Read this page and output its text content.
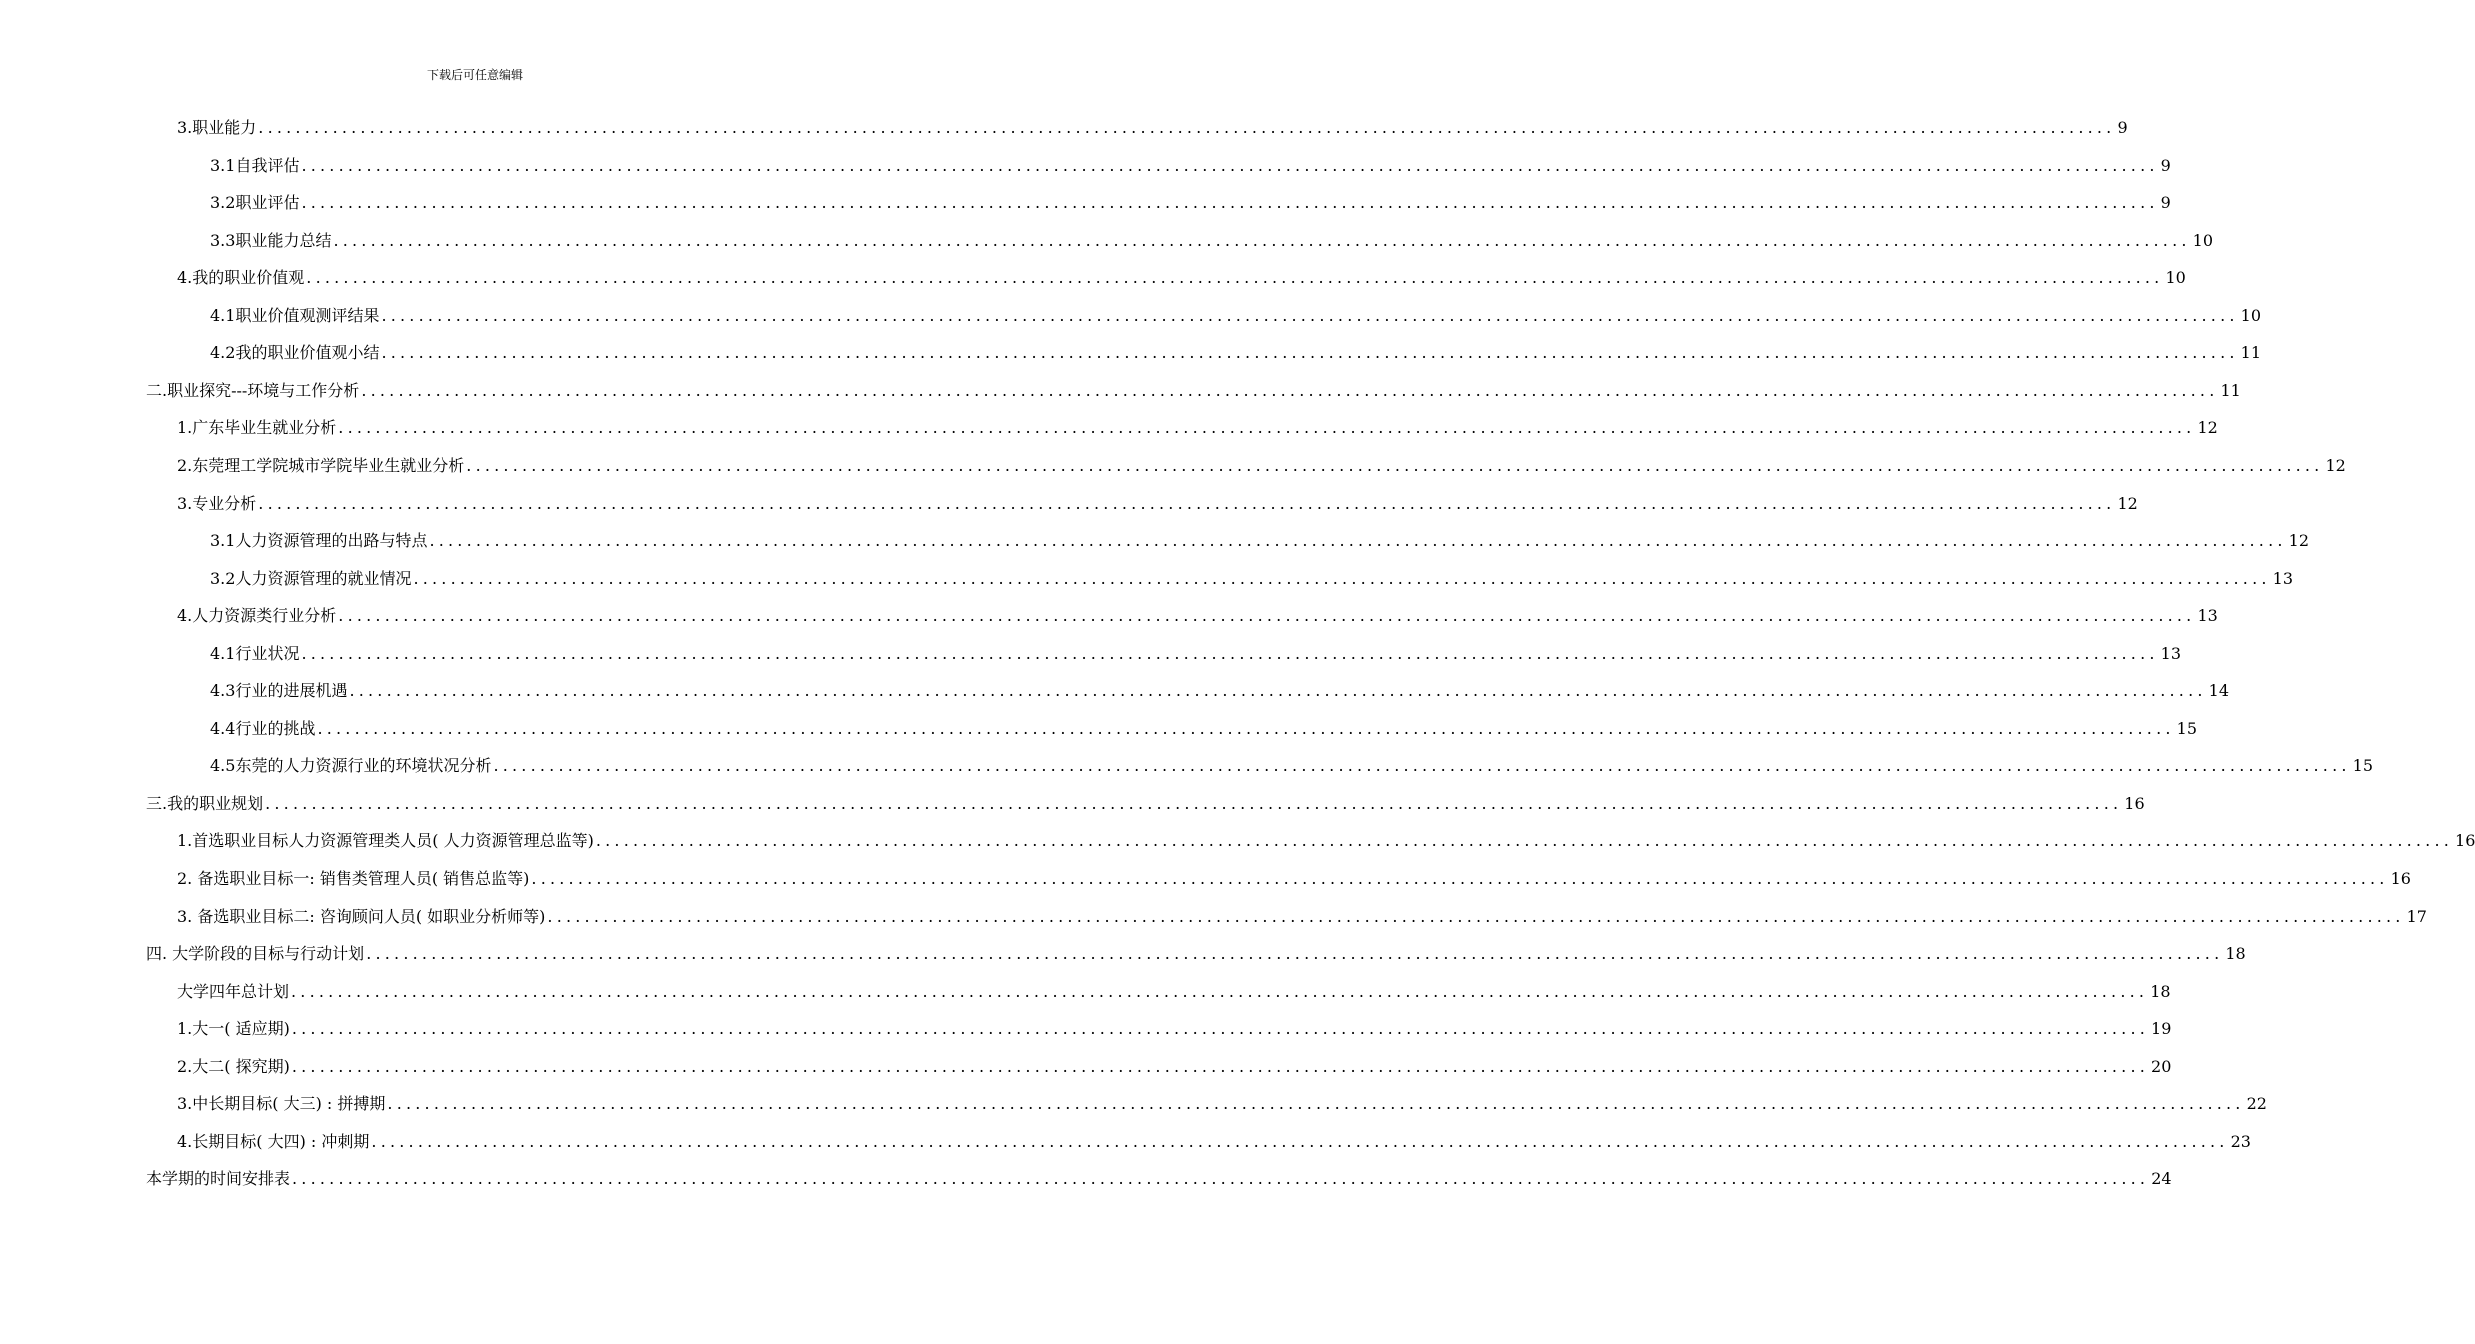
下载后可任意编辑
3.职业能力 ........................................................................................................................................................................................................ 9
3.1自我评估 ........................................................................................................................................................................................................ 9
3.2职业评估 ........................................................................................................................................................................................................ 9
3.3职业能力总结 ........................................................................................................................................................................................................ 10
4.我的职业价值观 ........................................................................................................................................................................................................ 10
4.1职业价值观测评结果 ........................................................................................................................................................................................................ 10
4.2我的职业价值观小结 ........................................................................................................................................................................................................ 11
二.职业探究---环境与工作分析 ........................................................................................................................................................................................................ 11
1.广东毕业生就业分析 ........................................................................................................................................................................................................ 12
2.东莞理工学院城市学院毕业生就业分析 ........................................................................................................................................................................................................ 12
3.专业分析 ........................................................................................................................................................................................................ 12
3.1人力资源管理的出路与特点 ........................................................................................................................................................................................................ 12
3.2人力资源管理的就业情况 ........................................................................................................................................................................................................ 13
4.人力资源类行业分析 ........................................................................................................................................................................................................ 13
4.1行业状况 ........................................................................................................................................................................................................ 13
4.3行业的进展机遇 ........................................................................................................................................................................................................ 14
4.4行业的挑战 ........................................................................................................................................................................................................ 15
4.5东莞的人力资源行业的环境状况分析 ........................................................................................................................................................................................................ 15
三.我的职业规划 ........................................................................................................................................................................................................ 16
1.首选职业目标人力资源管理类人员( 人力资源管理总监等) ........................................................................................................................................................................................................ 16
2. 备选职业目标一: 销售类管理人员( 销售总监等) ........................................................................................................................................................................................................ 16
3. 备选职业目标二: 咨询顾问人员( 如职业分析师等) ........................................................................................................................................................................................................ 17
四. 大学阶段的目标与行动计划 ........................................................................................................................................................................................................ 18
大学四年总计划 ........................................................................................................................................................................................................ 18
1.大一( 适应期) ........................................................................................................................................................................................................ 19
2.大二( 探究期) ........................................................................................................................................................................................................ 20
3.中长期目标( 大三) : 拼搏期 ........................................................................................................................................................................................................ 22
4.长期目标( 大四) : 冲刺期 ........................................................................................................................................................................................................ 23
本学期的时间安排表 ........................................................................................................................................................................................................ 24
